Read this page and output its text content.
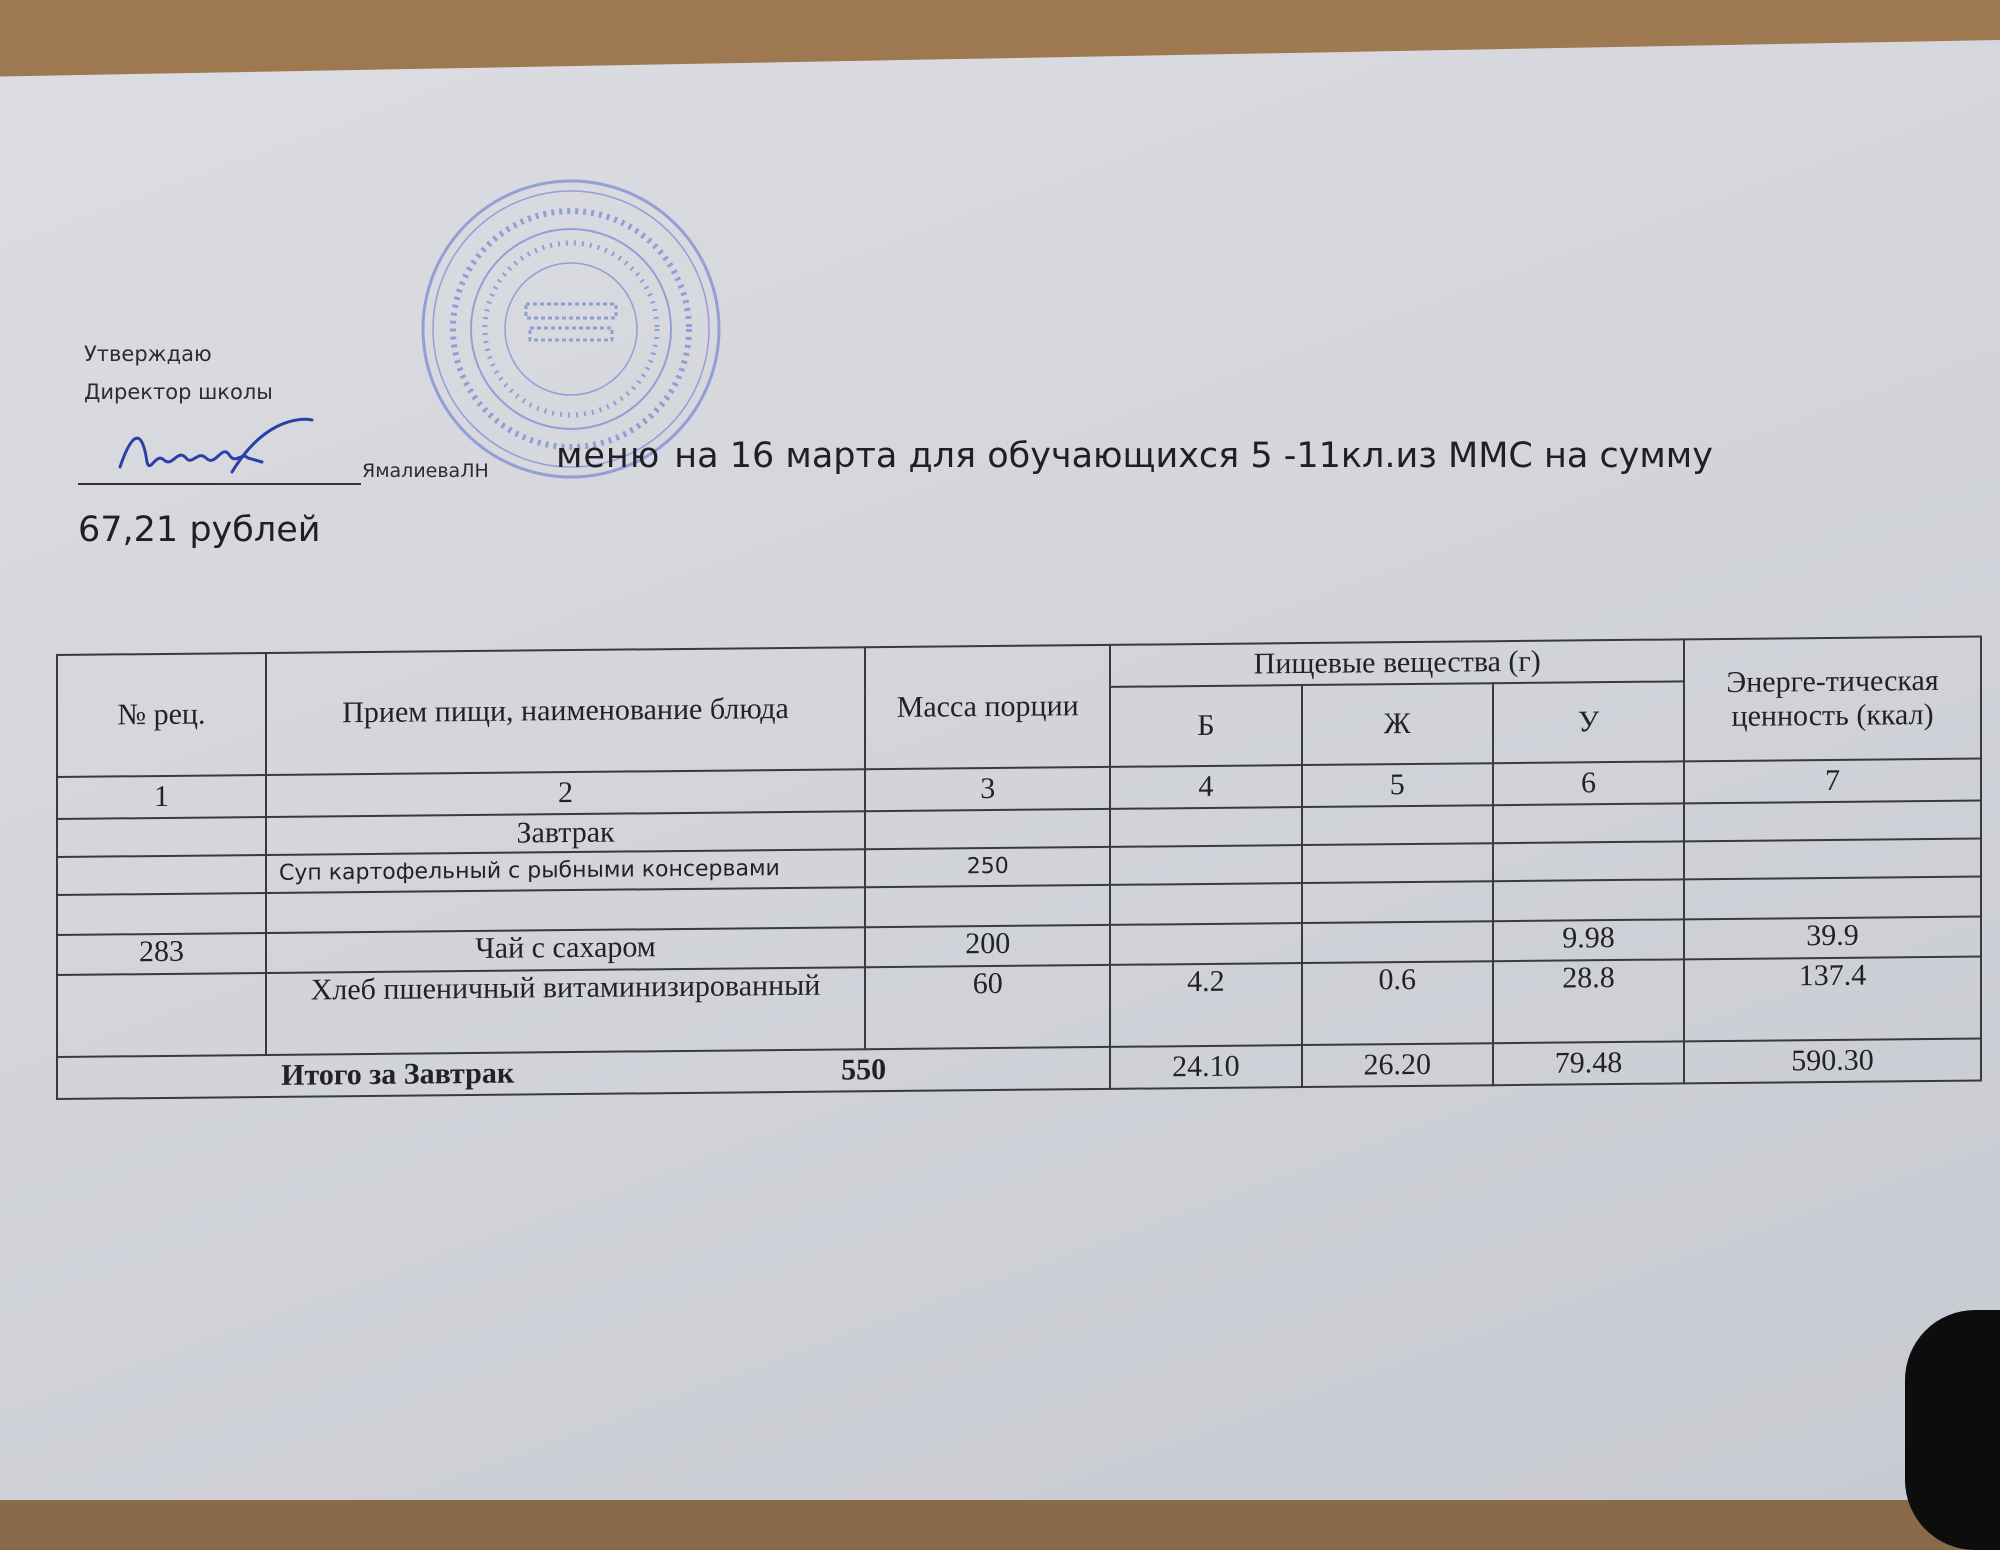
Утверждаю
Директор школы
ЯмалиеваЛН меню на 16 марта для обучающихся 5 -11кл.из ММС на сумму
67,21 рублей
№ рец.	Прием пищи, наименование блюда	Масса порции	Пищевые вещества (г)			Энерге-тическая ценность (ккал)
			Б	Ж	У	
1	2	3	4	5	6	7
	Завтрак					
	Суп картофельный с рыбными консервами	250				

283	Чай с сахаром	200			9.98	39.9
	Хлеб пшеничный витаминизированный	60	4.2	0.6	28.8	137.4
Итого за Завтрак 550			24.10	26.20	79.48	590.30
